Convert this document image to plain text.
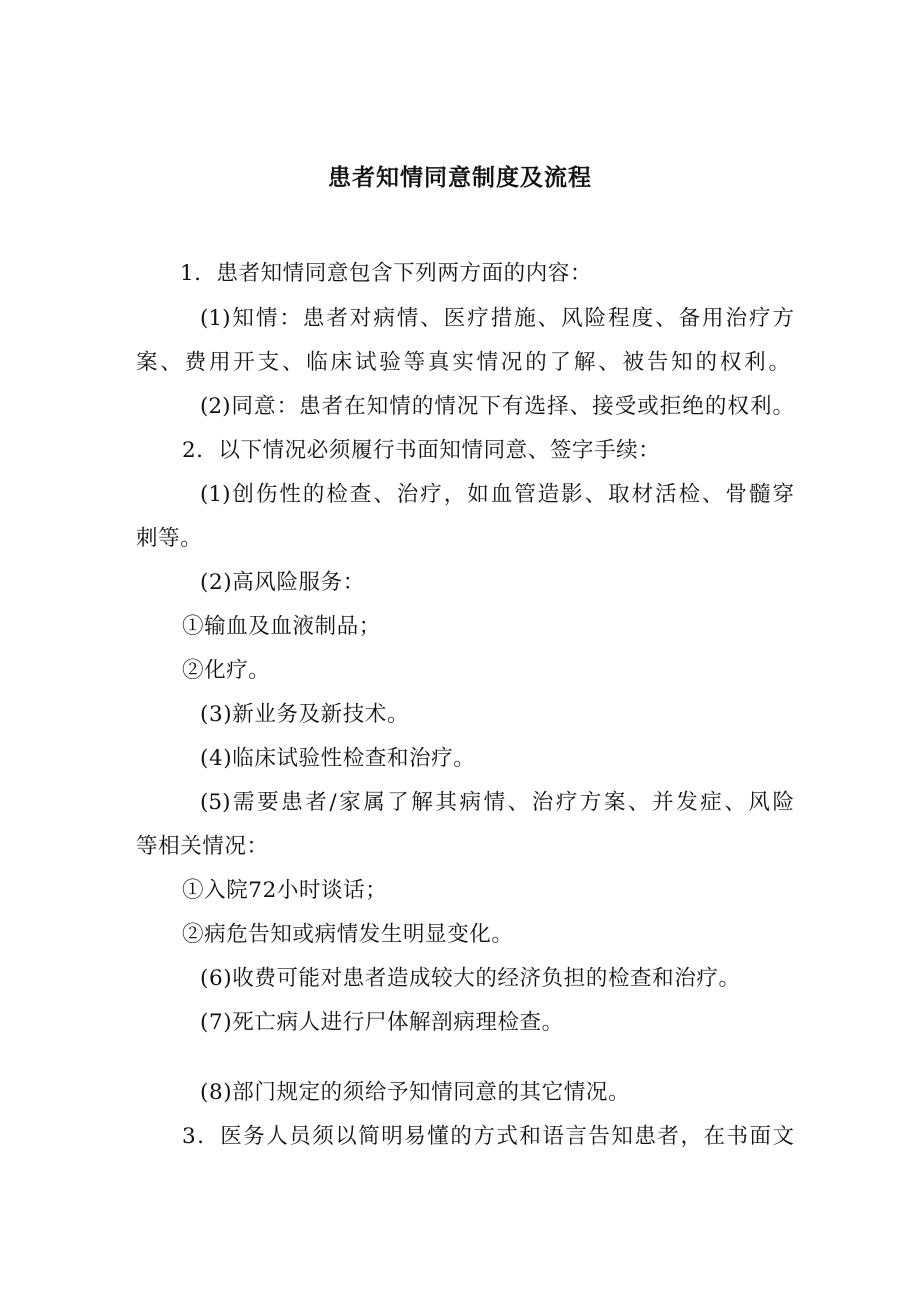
患者知情同意制度及流程
1．患者知情同意包含下列两方面的内容：
(1)知情：患者对病情、医疗措施、风险程度、备用治疗方
案、费用开支、临床试验等真实情况的了解、被告知的权利。
(2)同意：患者在知情的情况下有选择、接受或拒绝的权利。
2．以下情况必须履行书面知情同意、签字手续：
(1)创伤性的检查、治疗，如血管造影、取材活检、骨髓穿
刺等。
(2)高风险服务：
①输血及血液制品；
②化疗。
(3)新业务及新技术。
(4)临床试验性检查和治疗。
(5)需要患者/家属了解其病情、治疗方案、并发症、风险
等相关情况：
①入院72小时谈话；
②病危告知或病情发生明显变化。
(6)收费可能对患者造成较大的经济负担的检查和治疗。
(7)死亡病人进行尸体解剖病理检查。
(8)部门规定的须给予知情同意的其它情况。
3．医务人员须以简明易懂的方式和语言告知患者，在书面文
